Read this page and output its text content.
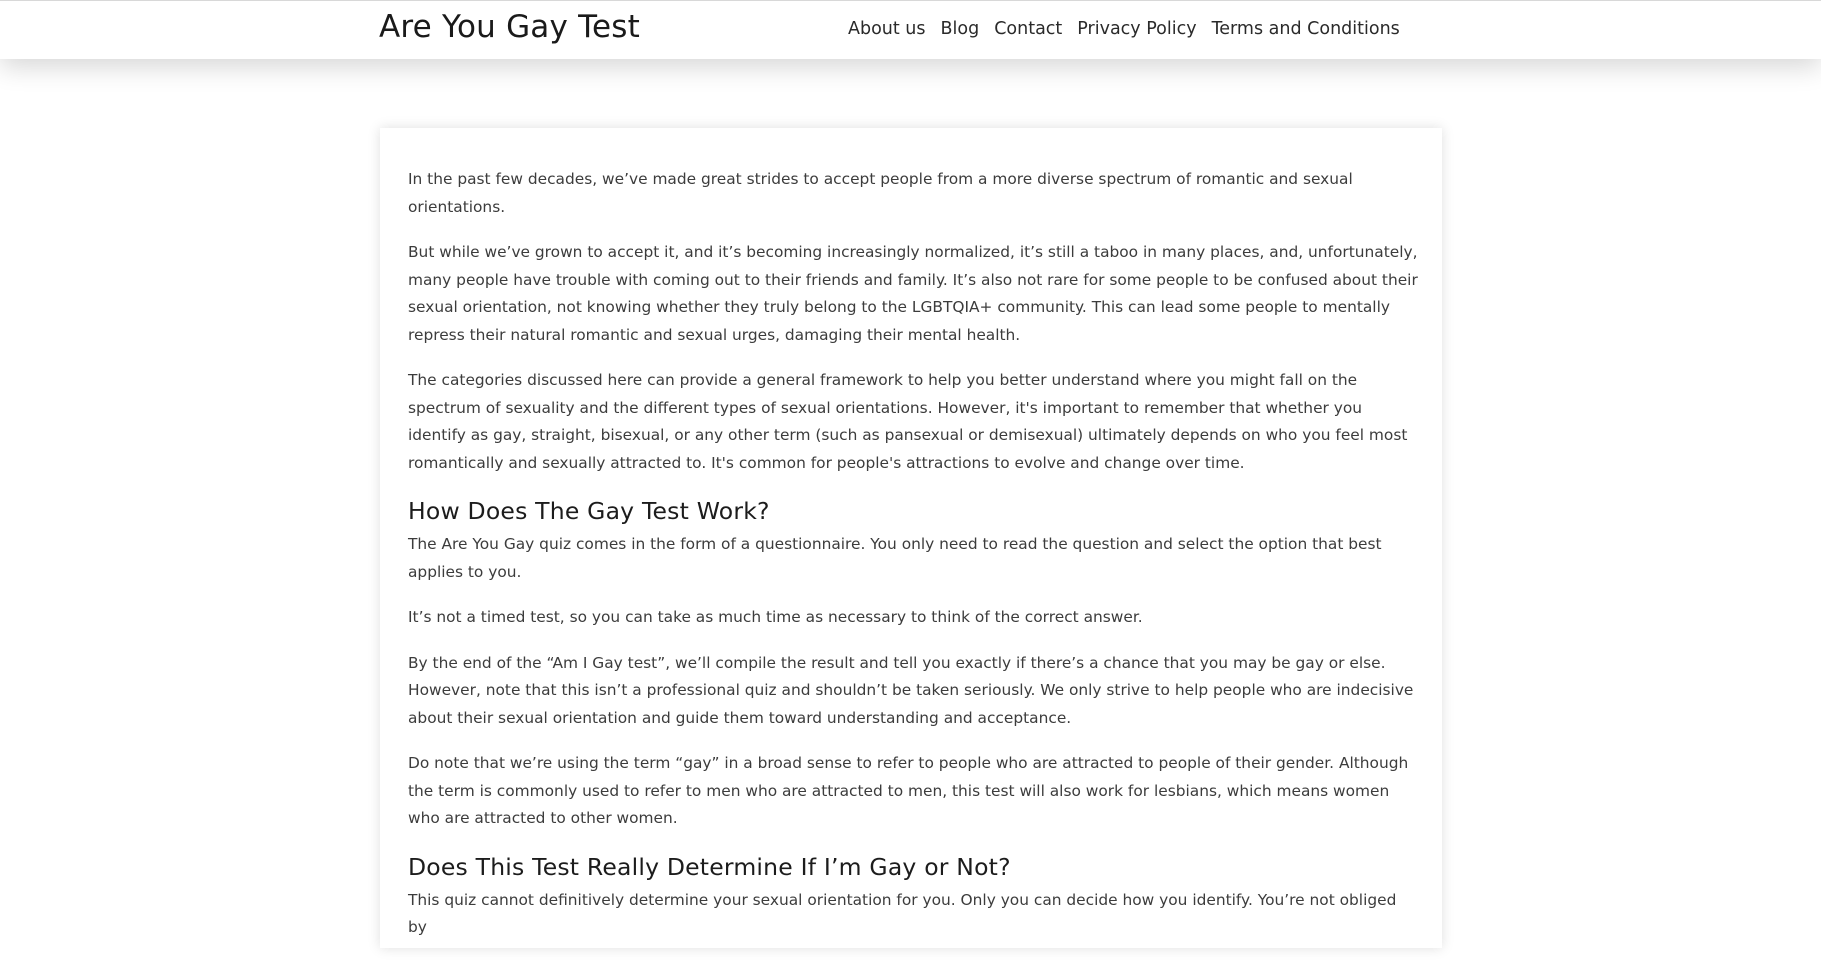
Are You Gay Test	About us Blog Contact Privacy Policy Terms and Conditions

In the past few decades, we’ve made great strides to accept people from a more diverse spectrum of romantic and sexual orientations.

But while we’ve grown to accept it, and it’s becoming increasingly normalized, it’s still a taboo in many places, and, unfortunately, many people have trouble with coming out to their friends and family. It’s also not rare for some people to be confused about their sexual orientation, not knowing whether they truly belong to the LGBTQIA+ community. This can lead some people to mentally repress their natural romantic and sexual urges, damaging their mental health.

The categories discussed here can provide a general framework to help you better understand where you might fall on the spectrum of sexuality and the different types of sexual orientations. However, it's important to remember that whether you identify as gay, straight, bisexual, or any other term (such as pansexual or demisexual) ultimately depends on who you feel most romantically and sexually attracted to. It's common for people's attractions to evolve and change over time.

How Does The Gay Test Work?

The Are You Gay quiz comes in the form of a questionnaire. You only need to read the question and select the option that best applies to you.

It’s not a timed test, so you can take as much time as necessary to think of the correct answer.

By the end of the “Am I Gay test”, we’ll compile the result and tell you exactly if there’s a chance that you may be gay or else. However, note that this isn’t a professional quiz and shouldn’t be taken seriously. We only strive to help people who are indecisive about their sexual orientation and guide them toward understanding and acceptance.

Do note that we’re using the term “gay” in a broad sense to refer to people who are attracted to people of their gender. Although the term is commonly used to refer to men who are attracted to men, this test will also work for lesbians, which means women who are attracted to other women.

Does This Test Really Determine If I’m Gay or Not?

This quiz cannot definitively determine your sexual orientation for you. Only you can decide how you identify. You’re not obliged by
